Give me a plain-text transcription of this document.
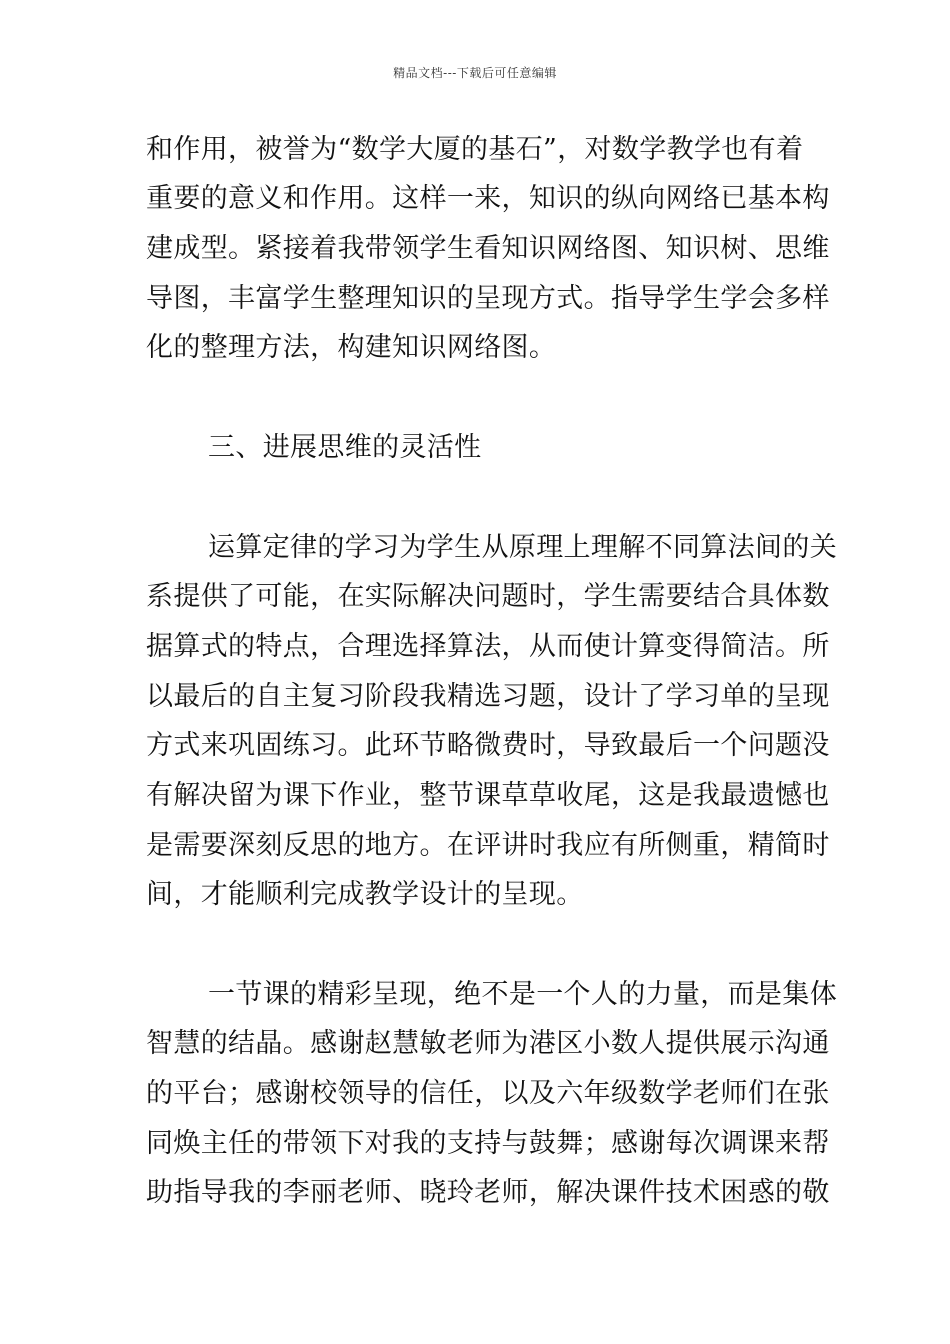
精品文档---下载后可任意编辑
和作用，被誉为“数学大厦的基石”，对数学教学也有着
重要的意义和作用。这样一来，知识的纵向网络已基本构
建成型。紧接着我带领学生看知识网络图、知识树、思维
导图，丰富学生整理知识的呈现方式。指导学生学会多样
化的整理方法，构建知识网络图。
三、进展思维的灵活性
运算定律的学习为学生从原理上理解不同算法间的关
系提供了可能，在实际解决问题时，学生需要结合具体数
据算式的特点，合理选择算法，从而使计算变得简洁。所
以最后的自主复习阶段我精选习题，设计了学习单的呈现
方式来巩固练习。此环节略微费时，导致最后一个问题没
有解决留为课下作业，整节课草草收尾，这是我最遗憾也
是需要深刻反思的地方。在评讲时我应有所侧重，精简时
间，才能顺利完成教学设计的呈现。
一节课的精彩呈现，绝不是一个人的力量，而是集体
智慧的结晶。感谢赵慧敏老师为港区小数人提供展示沟通
的平台；感谢校领导的信任，以及六年级数学老师们在张
同焕主任的带领下对我的支持与鼓舞；感谢每次调课来帮
助指导我的李丽老师、晓玲老师，解决课件技术困惑的敬
